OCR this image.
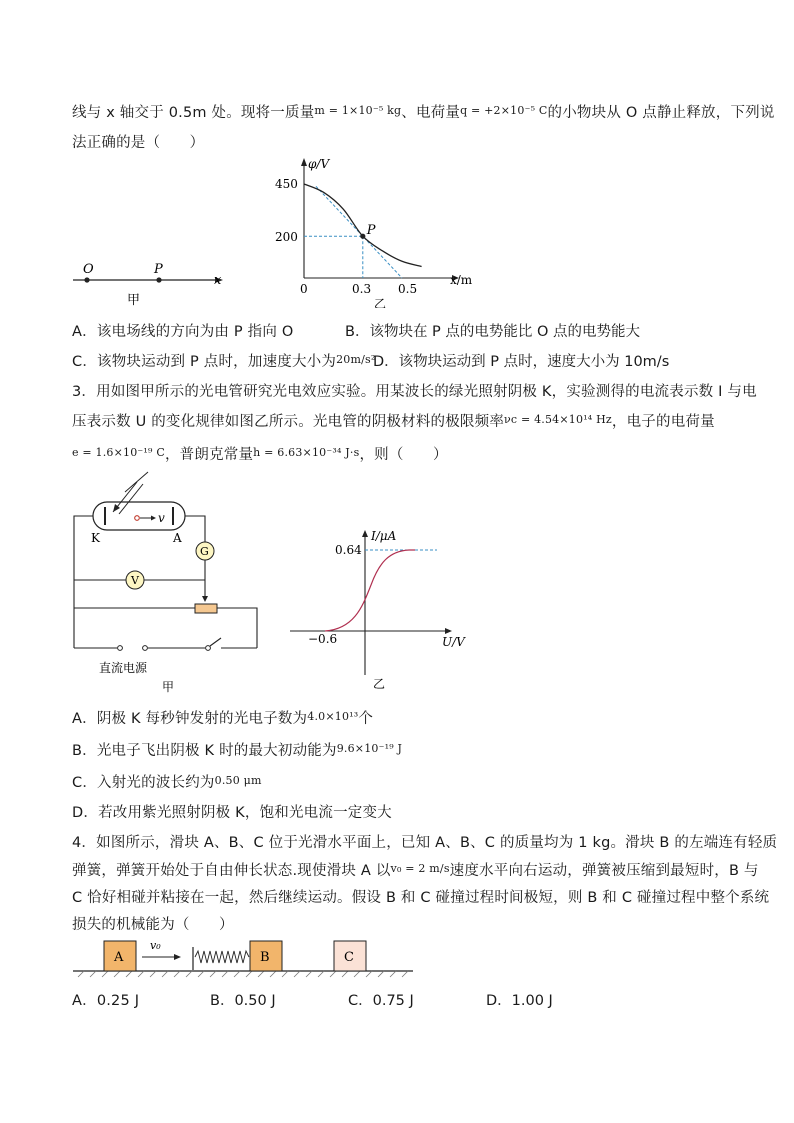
线与 x 轴交于 0.5m 处。现将一质量$^{m = 1\times 10^{-5} kg}$、电荷量$^{q = +2\times 10^{-5} C}$的小物块从 O 点静止释放，下列说
法正确的是（　　）
O	P
x
甲
φ/V
x/m
450
200
0	0.3 0.5
P
乙
A．该电场线的方向为由 P 指向 O	B．该物块在 P 点的电势能比 O 点的电势能大
C．该物块运动到 P 点时，加速度大小为$^{20m/s^2}$
D．该物块运动到 P 点时，速度大小为 10m/s
3．用如图甲所示的光电管研究光电效应实验。用某波长的绿光照射阴极 K，实验测得的电流表示数 I 与电
压表示数 U 的变化规律如图乙所示。光电管的阴极材料的极限频率$^{\nu c = 4.54\times 10^{14} Hz}$，电子的电荷量
$^{e = 1.6\times 10^{-19} C}$，普朗克常量$^{h = 6.63\times 10^{-34} J\cdot s}$，则（　　）
v
K	A
G
V
直流电源
甲
I/μA
U/V
0.64
−0.6
乙
A．阴极 K 每秒钟发射的光电子数为$^{4.0\times 10^{13}}$个
B．光电子飞出阴极 K 时的最大初动能为$^{9.6\times 10^{-19} J}$
C．入射光的波长约为$^{0.50 \mu m}$
D．若改用紫光照射阴极 K，饱和光电流一定变大
4．如图所示，滑块 A、B、C 位于光滑水平面上，已知 A、B、C 的质量均为 1 kg。滑块 B 的左端连有轻质
弹簧，弹簧开始处于自由伸长状态.现使滑块 A 以$^{v_0 = 2 m/s}$速度水平向右运动，弹簧被压缩到最短时，B 与
C 恰好相碰并粘接在一起，然后继续运动。假设 B 和 C 碰撞过程时间极短，则 B 和 C 碰撞过程中整个系统
损失的机械能为（　　）
A
v₀
B	C
A．0.25 J	B．0.50 J	C．0.75 J	D．1.00 J
